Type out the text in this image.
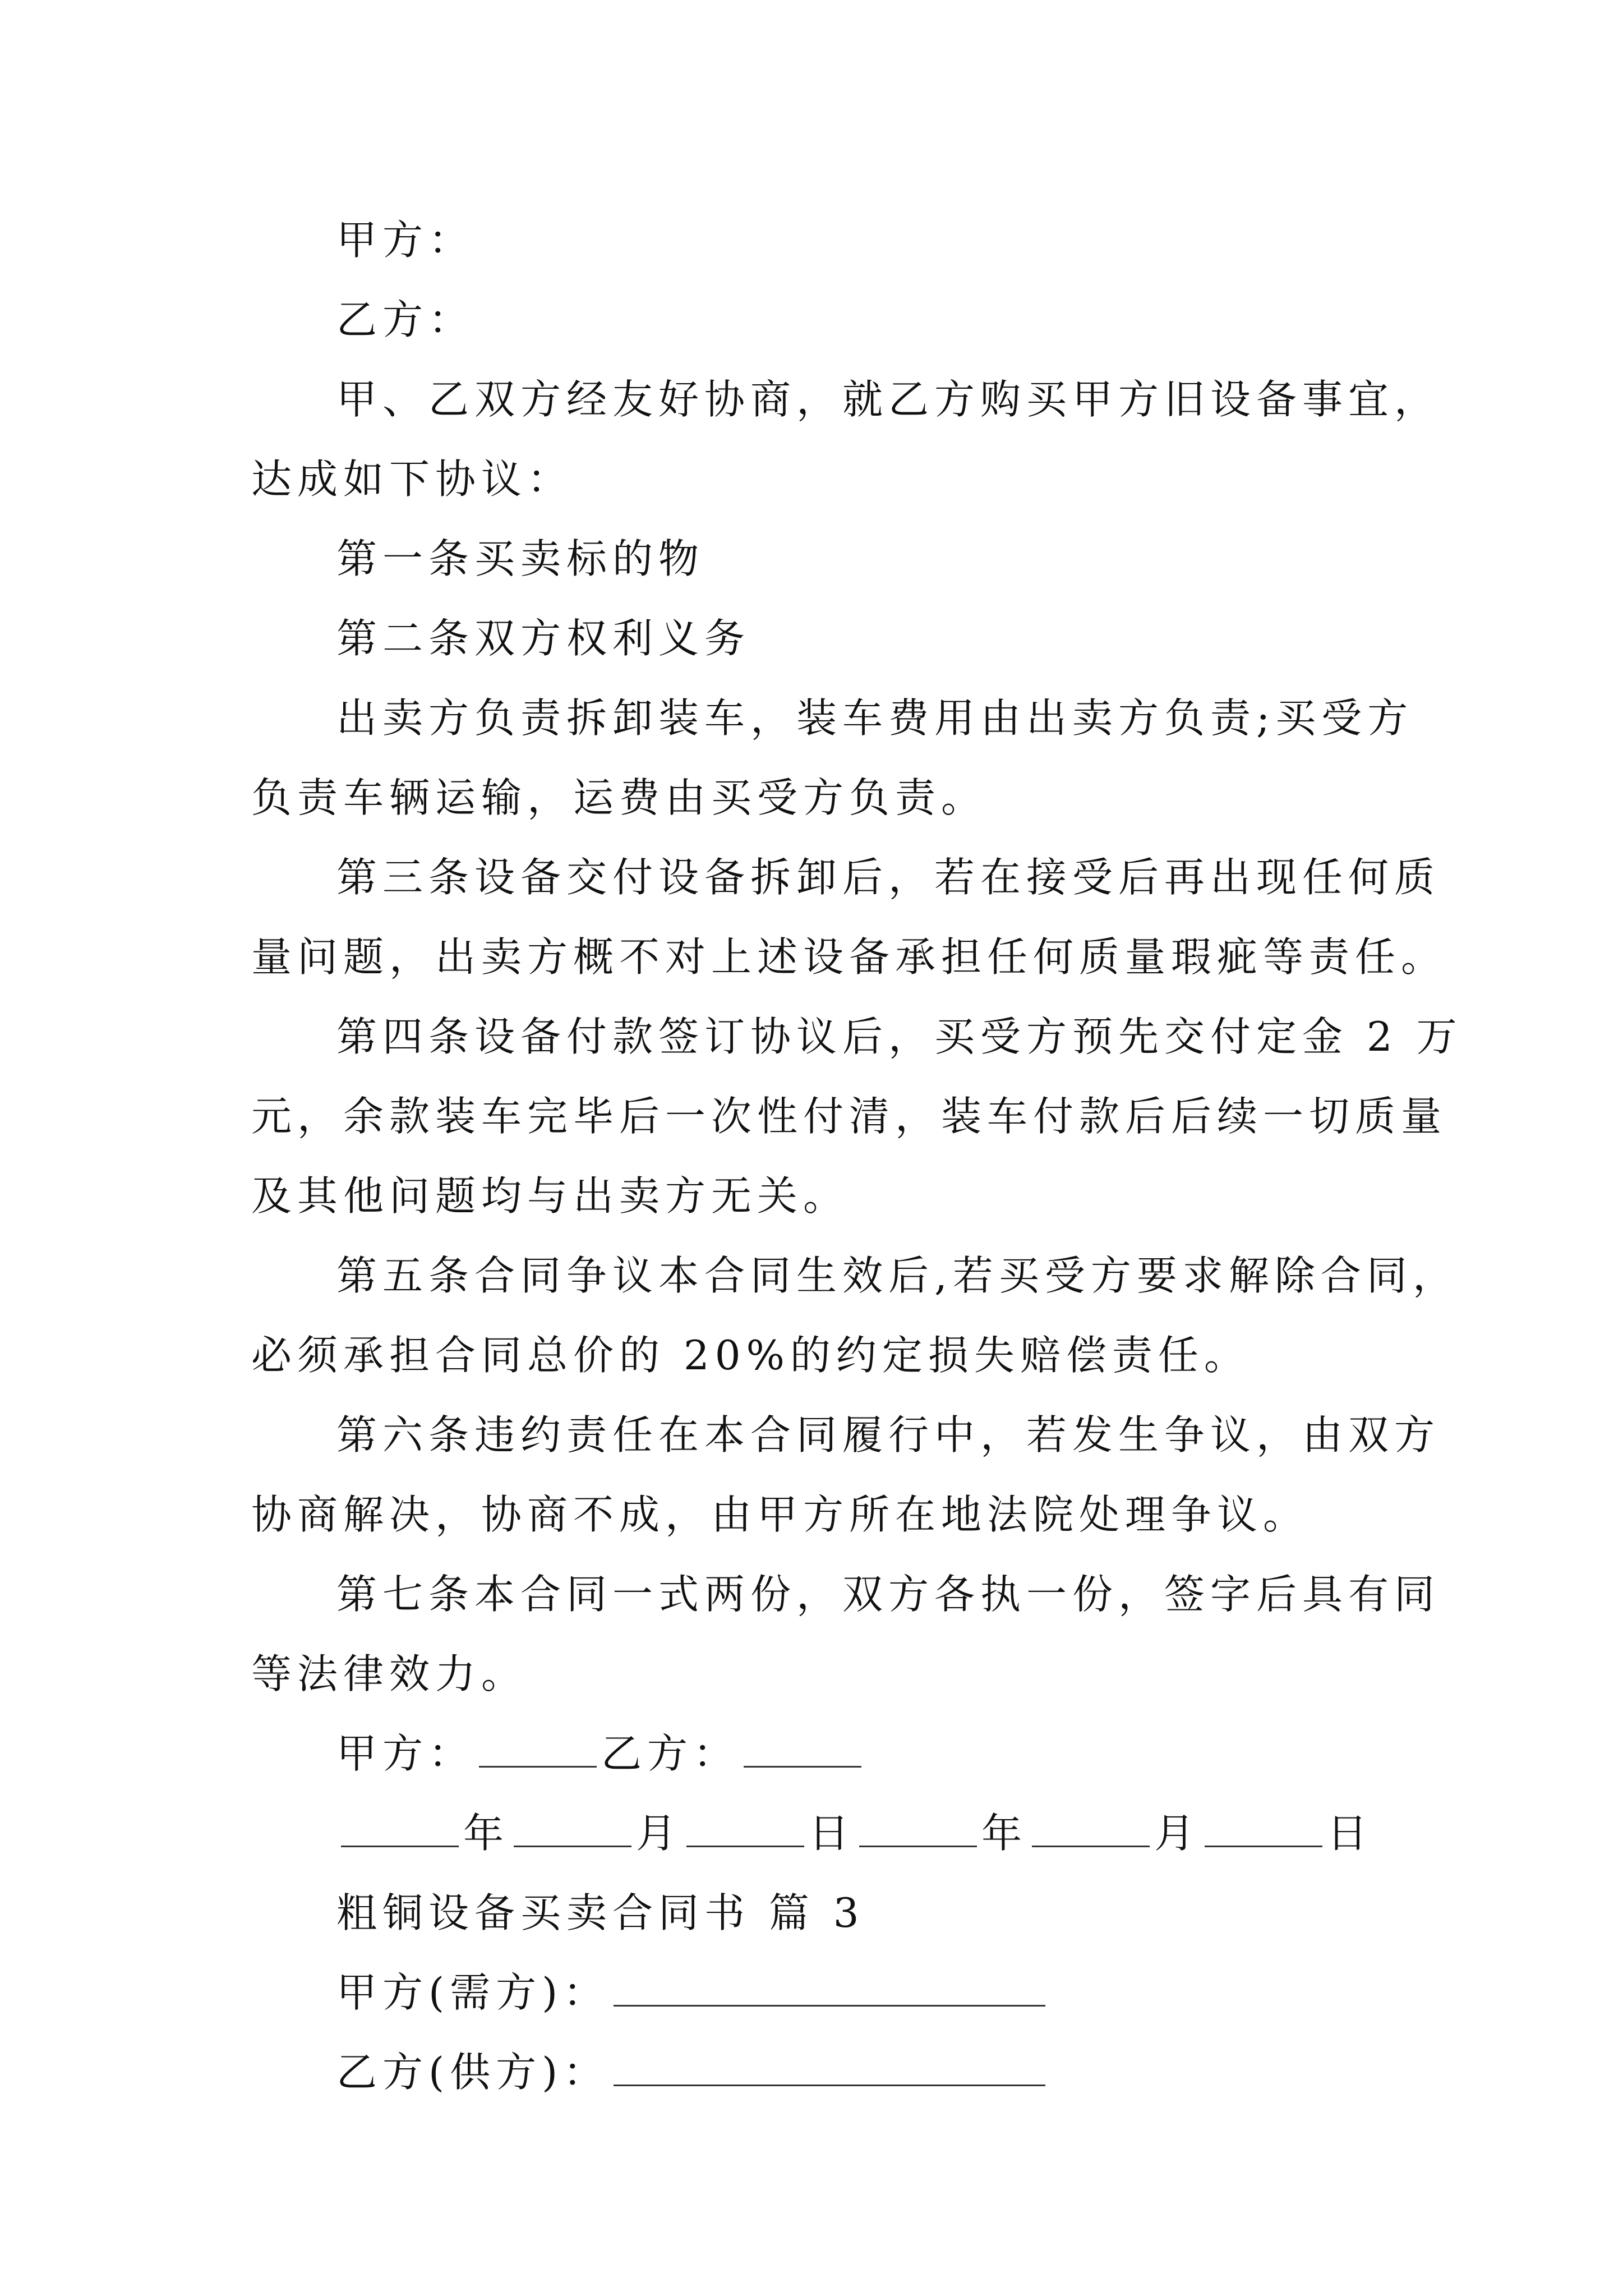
甲方：
乙方：
甲、乙双方经友好协商，就乙方购买甲方旧设备事宜，
达成如下协议：
第一条买卖标的物
第二条双方权利义务
出卖方负责拆卸装车，装车费用由出卖方负责;买受方
负责车辆运输，运费由买受方负责。
第三条设备交付设备拆卸后，若在接受后再出现任何质
量问题，出卖方概不对上述设备承担任何质量瑕疵等责任。
第四条设备付款签订协议后，买受方预先交付定金 2 万
元，余款装车完毕后一次性付清，装车付款后后续一切质量
及其他问题均与出卖方无关。
第五条合同争议本合同生效后,若买受方要求解除合同，
必须承担合同总价的 20%的约定损失赔偿责任。
第六条违约责任在本合同履行中，若发生争议，由双方
协商解决，协商不成，由甲方所在地法院处理争议。
第七条本合同一式两份，双方各执一份，签字后具有同
等法律效力。
甲方：	乙方：
年	月	日	年	月	日
粗铜设备买卖合同书 篇 3
甲方(需方)：
乙方(供方)：
